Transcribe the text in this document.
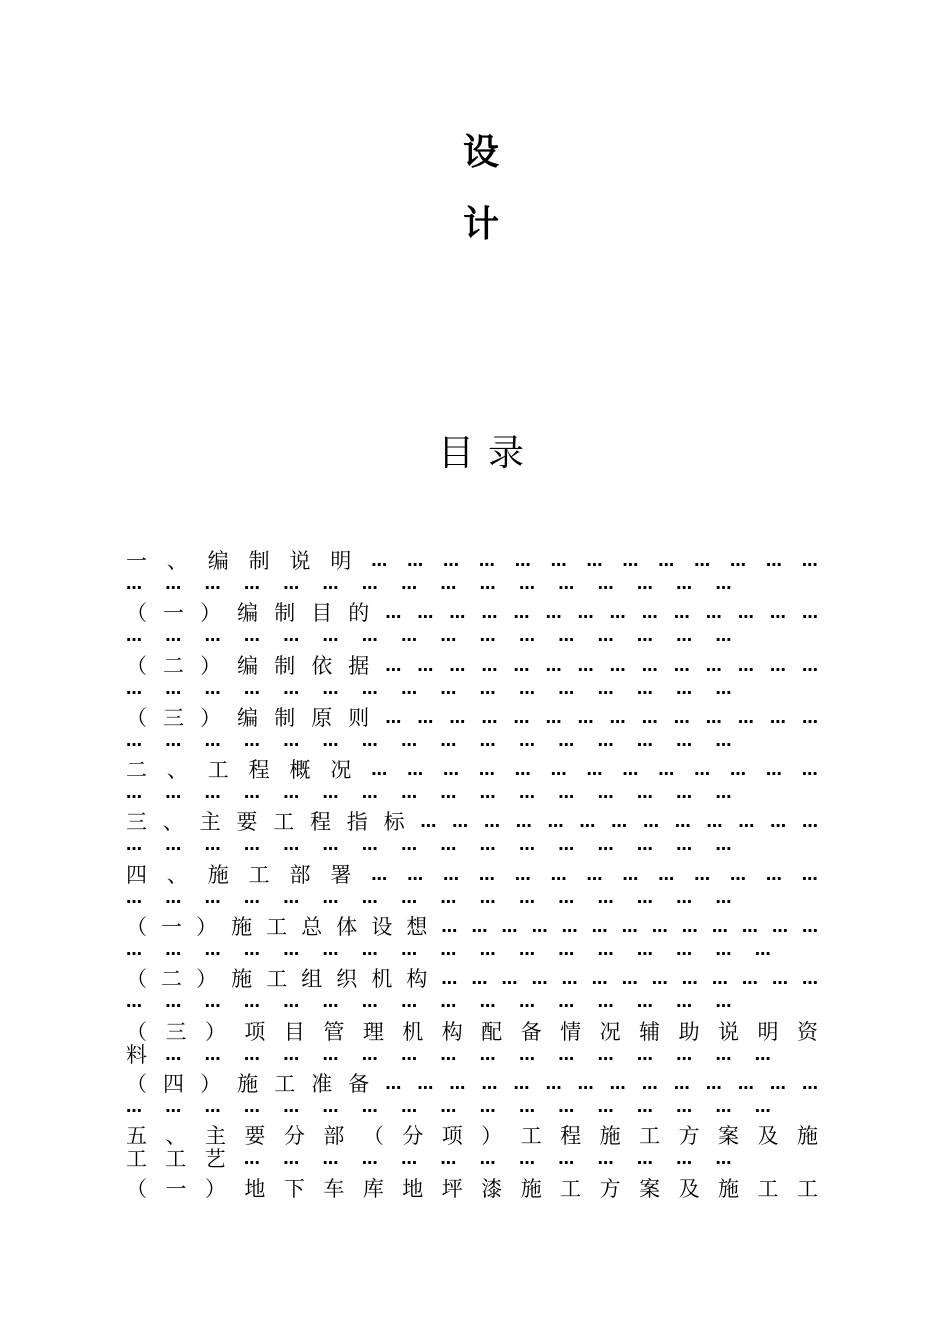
设
计
目录
一 、 编 制 说 明 … … … … … … … … … … … … …
…	…	…	…	…	…	…	…	…	…	…	…	…	…	…	…
（ 一 ） 编 制 目 的 … … … … … … … … … … … … … …
…	…	…	…	…	…	…	…	…	…	…	…	…	…	…	…
（ 二 ） 编 制 依 据 … … … … … … … … … … … … … …
…	…	…	…	…	…	…	…	…	…	…	…	…	…	…	…
（ 三 ） 编 制 原 则 … … … … … … … … … … … … … …
…	…	…	…	…	…	…	…	…	…	…	…	…	…	…	…
二 、 工 程 概 况 … … … … … … … … … … … … …
…	…	…	…	…	…	…	…	…	…	…	…	…	…	…	…
三 、 主 要 工 程 指 标 … … … … … … … … … … … … …
…	…	…	…	…	…	…	…	…	…	…	…	…	…	…	…
四 、 施 工 部 署 … … … … … … … … … … … … …
…	…	…	…	…	…	…	…	…	…	…	…	…	…	…	…
（ 一 ） 施 工 总 体 设 想 … … … … … … … … … … … … …
…	…	…	…	…	…	…	…	…	…	…	…	…	…	…	…	…
（ 二 ） 施 工 组 织 机 构 … … … … … … … … … … … … …
…	…	…	…	…	…	…	…	…	…	…	…	…	…	…	…
（ 三 ） 项 目 管 理 机 构 配 备 情 况 辅 助 说 明 资
料	…	…	…	…	…	…	…	…	…	…	…	…	…	…	…	…
（ 四 ） 施 工 准 备 … … … … … … … … … … … … … …
…	…	…	…	…	…	…	…	…	…	…	…	…	…	…	…	…
五 、 主 要 分 部 （ 分 项 ） 工 程 施 工 方 案 及 施
工 工 艺	…	…	…	…	…	…	…	…	…	…	…	…	…
（ 一 ） 地 下 车 库 地 坪 漆 施 工 方 案 及 施 工 工
